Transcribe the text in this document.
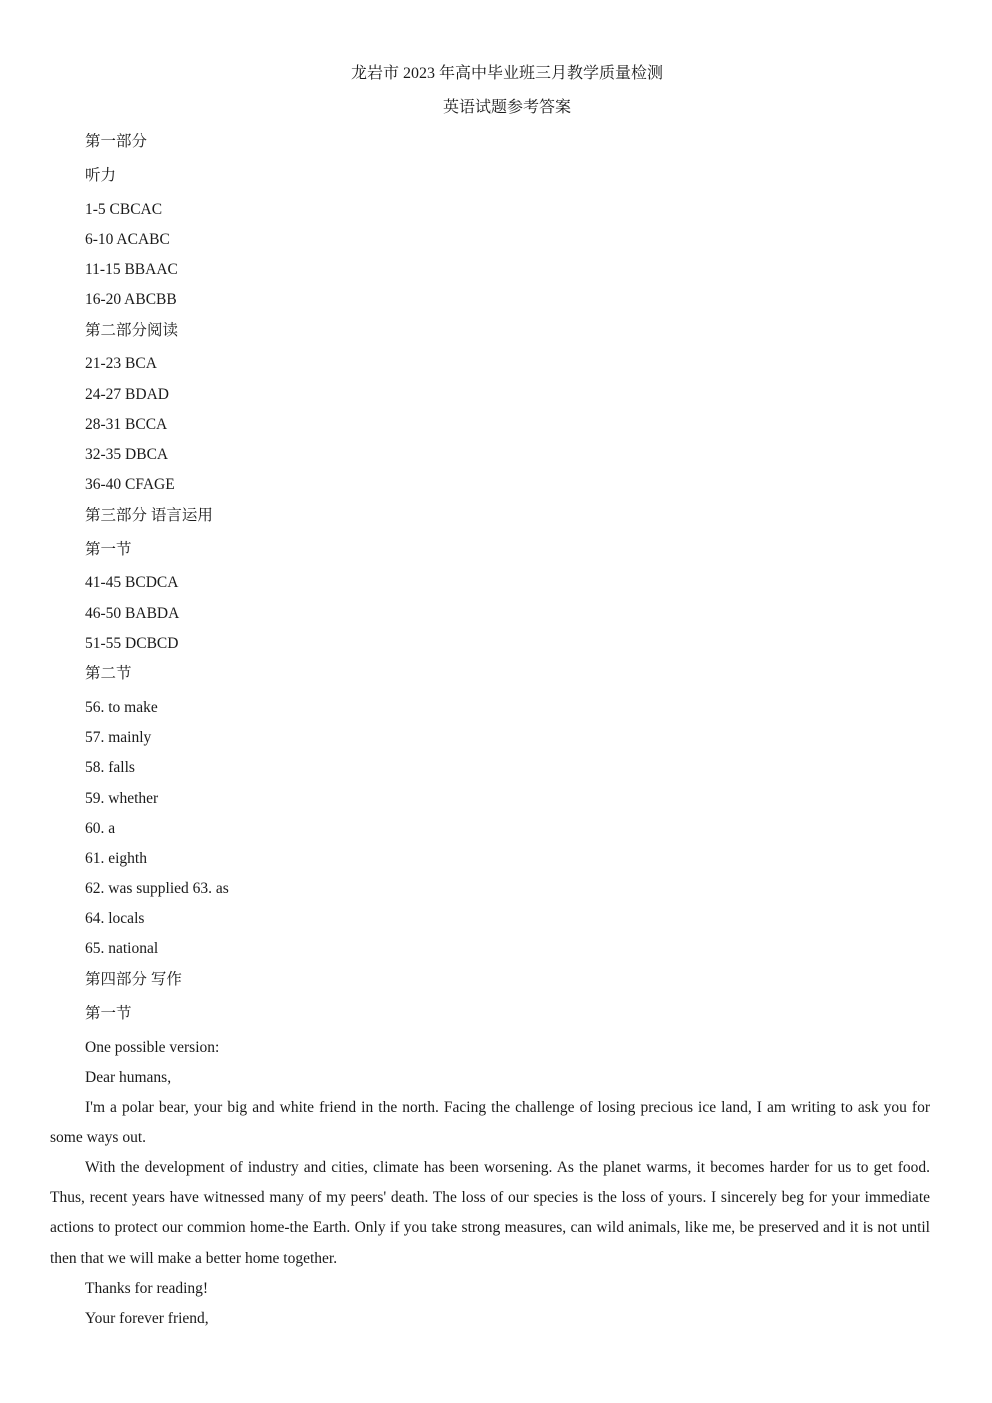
龙岩市 2023 年高中毕业班三月教学质量检测
英语试题参考答案
第一部分
听力
1-5 CBCAC
6-10 ACABC
11-15 BBAAC
16-20 ABCBB
第二部分阅读
21-23 BCA
24-27 BDAD
28-31 BCCA
32-35 DBCA
36-40 CFAGE
第三部分 语言运用
第一节
41-45 BCDCA
46-50 BABDA
51-55 DCBCD
第二节
56. to make
57. mainly
58. falls
59. whether
60. a
61. eighth
62. was supplied 63. as
64. locals
65. national
第四部分 写作
第一节
One possible version:
Dear humans,
I'm a polar bear, your big and white friend in the north. Facing the challenge of losing precious ice land, I am writing to ask you for some ways out.
With the development of industry and cities, climate has been worsening. As the planet warms, it becomes harder for us to get food. Thus, recent years have witnessed many of my peers' death. The loss of our species is the loss of yours. I sincerely beg for your immediate actions to protect our commion home-the Earth. Only if you take strong measures, can wild animals, like me, be preserved and it is not until then that we will make a better home together.
Thanks for reading!
Your forever friend,
